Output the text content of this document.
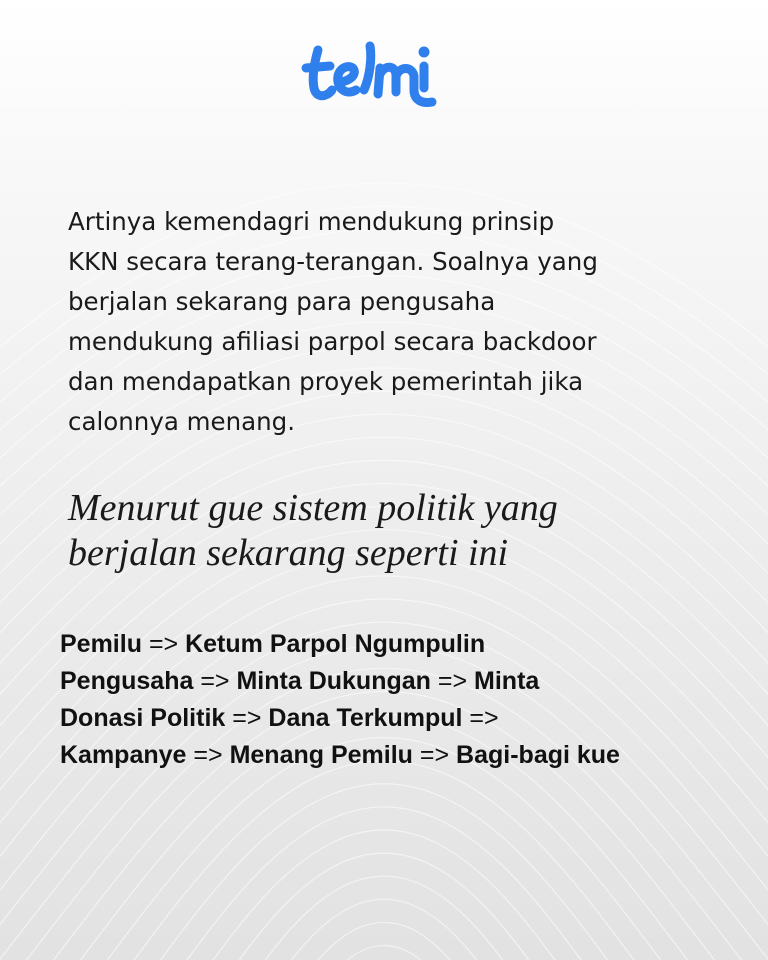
Artinya kemendagri mendukung prinsip
KKN secara terang-terangan. Soalnya yang
berjalan sekarang para pengusaha
mendukung afiliasi parpol secara backdoor
dan mendapatkan proyek pemerintah jika
calonnya menang.

Menurut gue sistem politik yang
berjalan sekarang seperti ini

Pemilu => Ketum Parpol Ngumpulin
Pengusaha => Minta Dukungan => Minta
Donasi Politik => Dana Terkumpul =>
Kampanye => Menang Pemilu => Bagi-bagi kue
